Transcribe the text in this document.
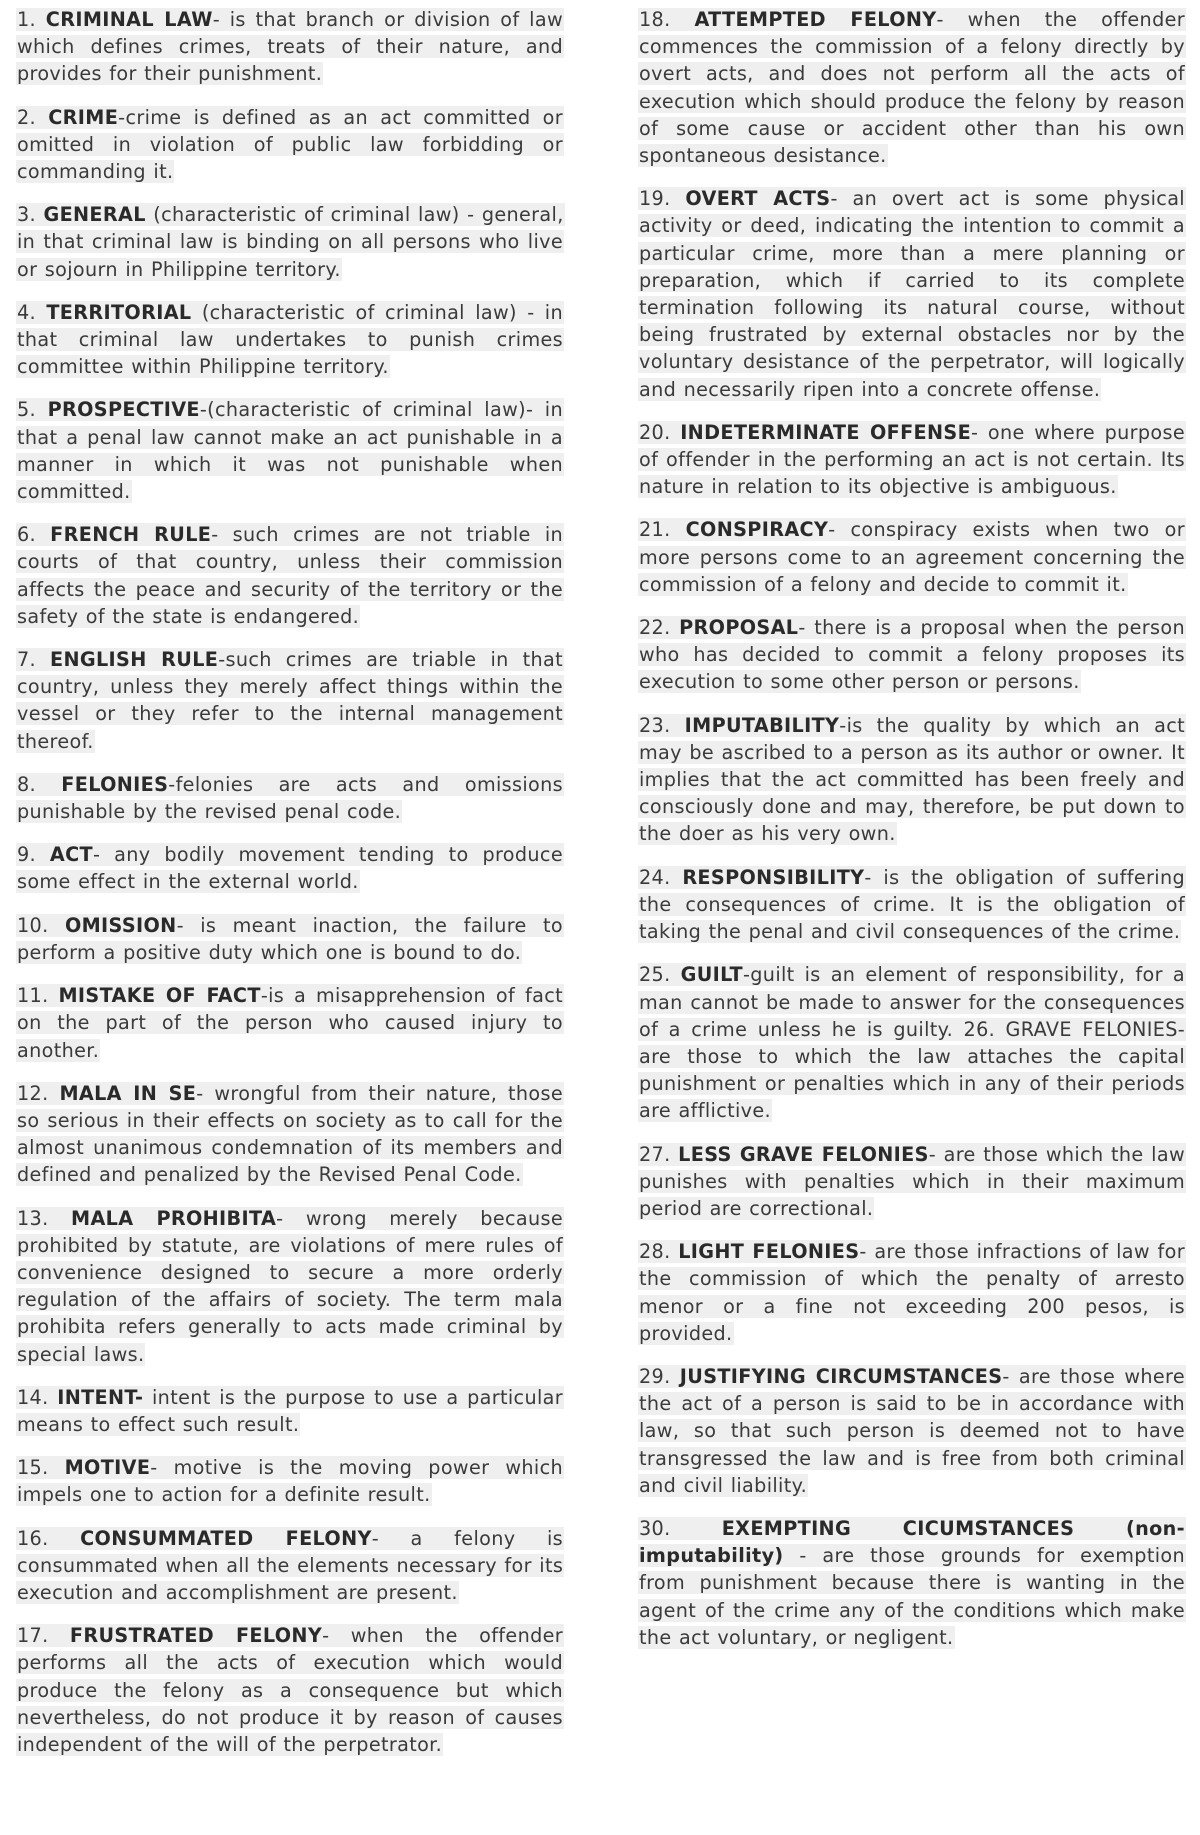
1. CRIMINAL LAW- is that branch or division of law which defines crimes, treats of their nature, and provides for their punishment.

2. CRIME-crime is defined as an act committed or omitted in violation of public law forbidding or commanding it.

3. GENERAL (characteristic of criminal law) - general, in that criminal law is binding on all persons who live or sojourn in Philippine territory.

4. TERRITORIAL (characteristic of criminal law) - in that criminal law undertakes to punish crimes committee within Philippine territory.

5. PROSPECTIVE-(characteristic of criminal law)- in that a penal law cannot make an act punishable in a manner in which it was not punishable when committed.

6. FRENCH RULE- such crimes are not triable in courts of that country, unless their commission affects the peace and security of the territory or the safety of the state is endangered.

7. ENGLISH RULE-such crimes are triable in that country, unless they merely affect things within the vessel or they refer to the internal management thereof.

8. FELONIES-felonies are acts and omissions punishable by the revised penal code.

9. ACT- any bodily movement tending to produce some effect in the external world.

10. OMISSION- is meant inaction, the failure to perform a positive duty which one is bound to do.

11. MISTAKE OF FACT-is a misapprehension of fact on the part of the person who caused injury to another.

12. MALA IN SE- wrongful from their nature, those so serious in their effects on society as to call for the almost unanimous condemnation of its members and defined and penalized by the Revised Penal Code.

13. MALA PROHIBITA- wrong merely because prohibited by statute, are violations of mere rules of convenience designed to secure a more orderly regulation of the affairs of society. The term mala prohibita refers generally to acts made criminal by special laws.

14. INTENT- intent is the purpose to use a particular means to effect such result.

15. MOTIVE- motive is the moving power which impels one to action for a definite result.

16. CONSUMMATED FELONY- a felony is consummated when all the elements necessary for its execution and accomplishment are present.

17. FRUSTRATED FELONY- when the offender performs all the acts of execution which would produce the felony as a consequence but which nevertheless, do not produce it by reason of causes independent of the will of the perpetrator.

18. ATTEMPTED FELONY- when the offender commences the commission of a felony directly by overt acts, and does not perform all the acts of execution which should produce the felony by reason of some cause or accident other than his own spontaneous desistance.

19. OVERT ACTS- an overt act is some physical activity or deed, indicating the intention to commit a particular crime, more than a mere planning or preparation, which if carried to its complete termination following its natural course, without being frustrated by external obstacles nor by the voluntary desistance of the perpetrator, will logically and necessarily ripen into a concrete offense.

20. INDETERMINATE OFFENSE- one where purpose of offender in the performing an act is not certain. Its nature in relation to its objective is ambiguous.

21. CONSPIRACY- conspiracy exists when two or more persons come to an agreement concerning the commission of a felony and decide to commit it.

22. PROPOSAL- there is a proposal when the person who has decided to commit a felony proposes its execution to some other person or persons.

23. IMPUTABILITY-is the quality by which an act may be ascribed to a person as its author or owner. It implies that the act committed has been freely and consciously done and may, therefore, be put down to the doer as his very own.

24. RESPONSIBILITY- is the obligation of suffering the consequences of crime. It is the obligation of taking the penal and civil consequences of the crime.

25. GUILT-guilt is an element of responsibility, for a man cannot be made to answer for the consequences of a crime unless he is guilty. 26. GRAVE FELONIES- are those to which the law attaches the capital punishment or penalties which in any of their periods are afflictive.

27. LESS GRAVE FELONIES- are those which the law punishes with penalties which in their maximum period are correctional.

28. LIGHT FELONIES- are those infractions of law for the commission of which the penalty of arresto menor or a fine not exceeding 200 pesos, is provided.

29. JUSTIFYING CIRCUMSTANCES- are those where the act of a person is said to be in accordance with law, so that such person is deemed not to have transgressed the law and is free from both criminal and civil liability.

30.	EXEMPTING CICUMSTANCES (non-imputability) - are those grounds for exemption from punishment because there is wanting in the agent of the crime any of the conditions which make the act voluntary, or negligent.
